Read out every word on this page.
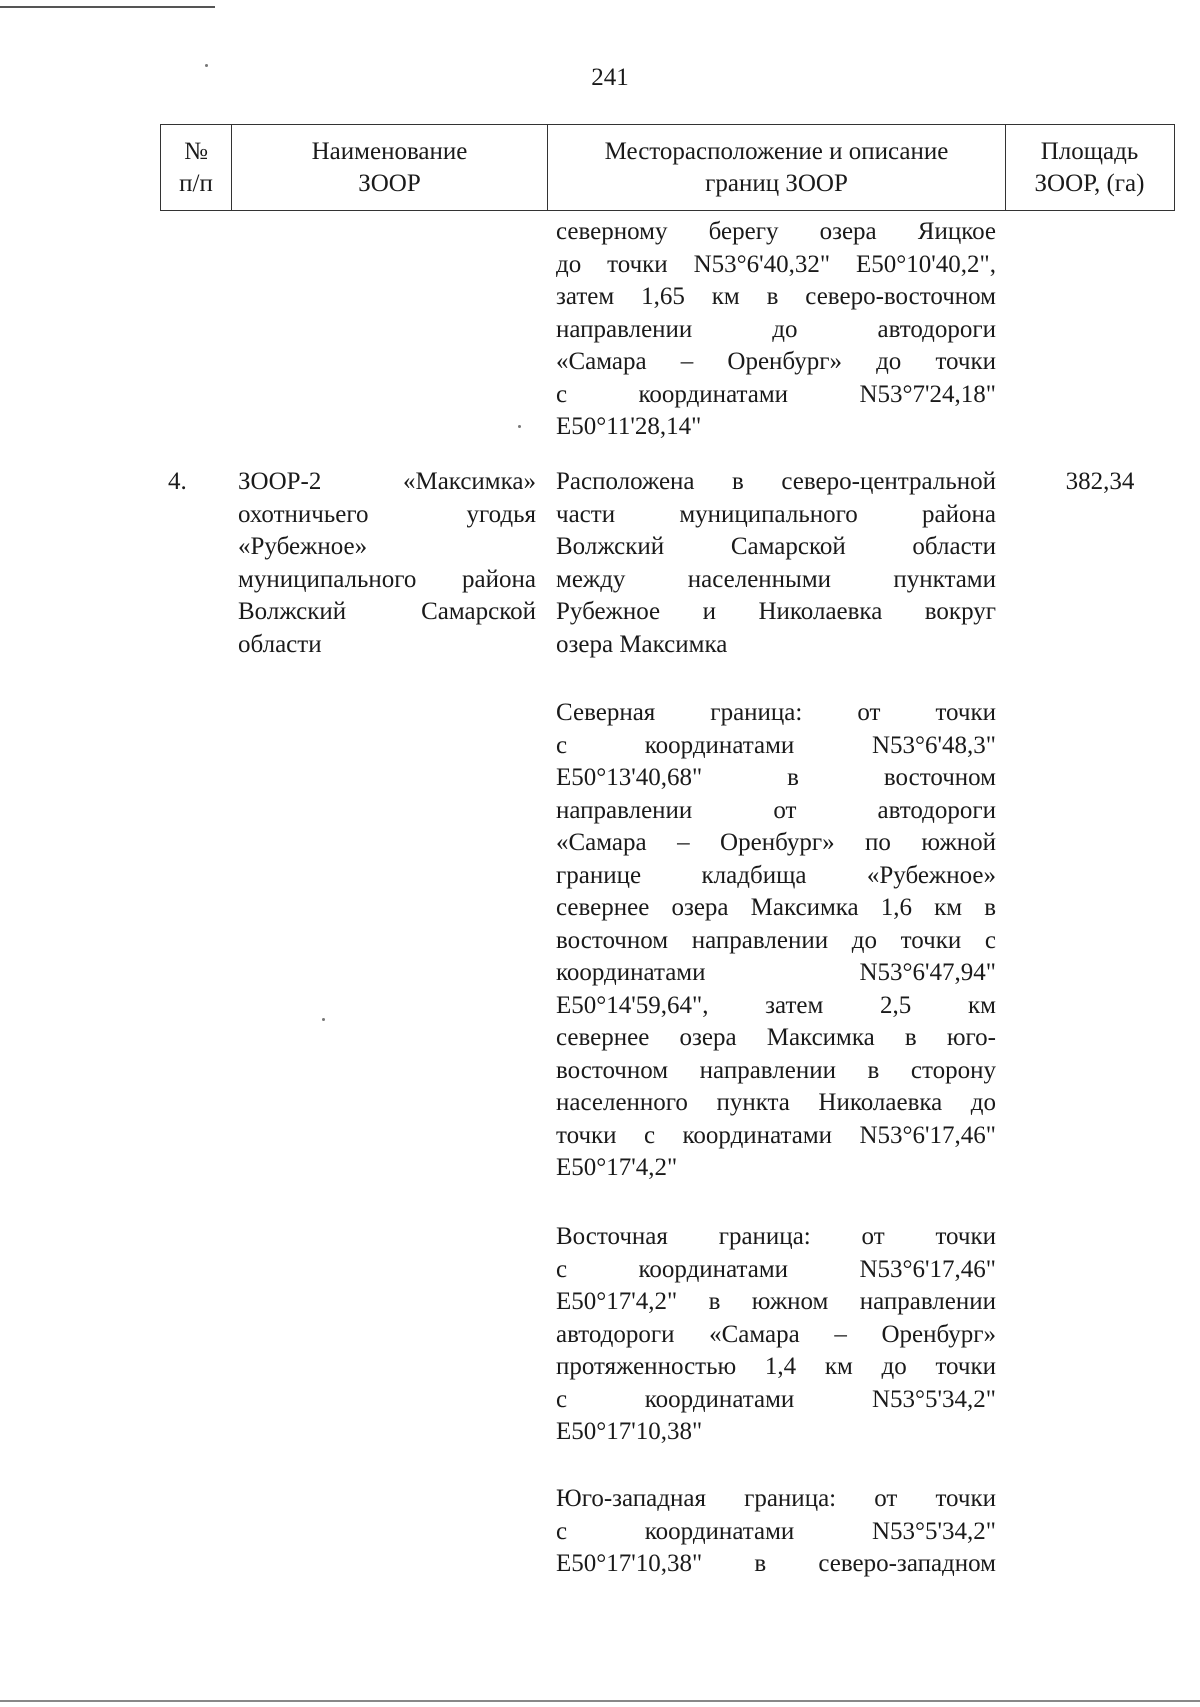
241
№
п/п
Наименование
ЗООР
Месторасположение и описание
границ ЗООР
Площадь
ЗООР, (га)
северному берегу озера Яицкое
до точки N53°6'40,32" E50°10'40,2",
затем 1,65 км в северо-восточном
направлении до автодороги
«Самара – Оренбург» до точки
с координатами N53°7'24,18"
E50°11'28,14"
4.	ЗООР-2 «Максимка»
охотничьего угодья
«Рубежное»
муниципального района
Волжский Самарской
области
382,34
Расположена в северо-центральной
части муниципального района
Волжский Самарской области
между населенными пунктами
Рубежное и Николаевка вокруг
озера Максимка
Северная граница: от точки
с координатами N53°6'48,3"
E50°13'40,68" в восточном
направлении от автодороги
«Самара – Оренбург» по южной
границе кладбища «Рубежное»
севернее озера Максимка 1,6 км в
восточном направлении до точки с
координатами N53°6'47,94"
E50°14'59,64", затем 2,5 км
севернее озера Максимка в юго-
восточном направлении в сторону
населенного пункта Николаевка до
точки с координатами N53°6'17,46"
E50°17'4,2"
Восточная граница: от точки
с координатами N53°6'17,46"
E50°17'4,2" в южном направлении
автодороги «Самара – Оренбург»
протяженностью 1,4 км до точки
с координатами N53°5'34,2"
E50°17'10,38"
Юго-западная граница: от точки
с координатами N53°5'34,2"
E50°17'10,38" в северо-западном
